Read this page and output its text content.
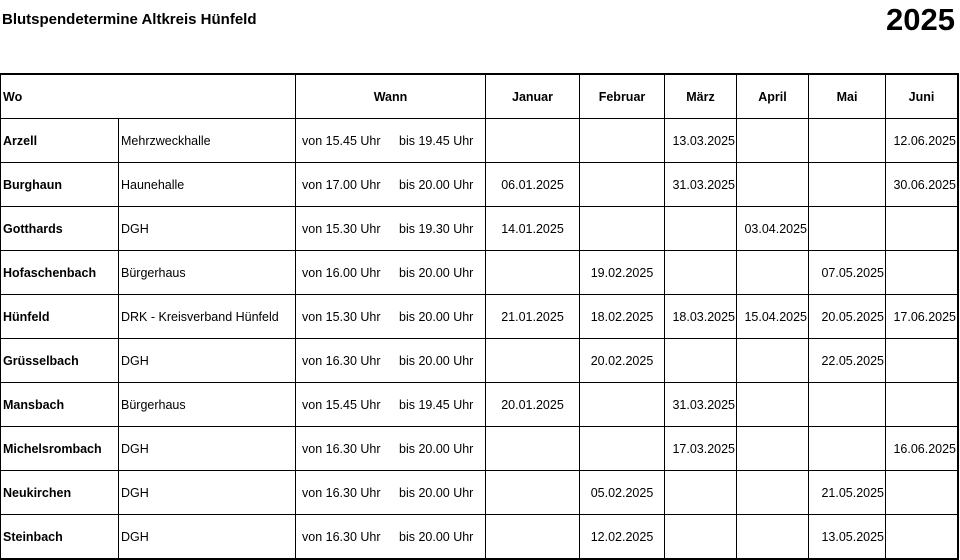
Blutspendetermine Altkreis Hünfeld	2025
Wo		Wann	Januar	Februar	März	April	Mai	Juni
Arzell	Mehrzweckhalle	von 15.45 Uhr bis 19.45 Uhr			13.03.2025			12.06.2025
Burghaun	Haunehalle	von 17.00 Uhr bis 20.00 Uhr	06.01.2025		31.03.2025			30.06.2025
Gotthards	DGH	von 15.30 Uhr bis 19.30 Uhr	14.01.2025			03.04.2025		
Hofaschenbach	Bürgerhaus	von 16.00 Uhr bis 20.00 Uhr		19.02.2025			07.05.2025	
Hünfeld	DRK - Kreisverband Hünfeld	von 15.30 Uhr bis 20.00 Uhr	21.01.2025	18.02.2025	18.03.2025	15.04.2025	20.05.2025	17.06.2025
Grüsselbach	DGH	von 16.30 Uhr bis 20.00 Uhr		20.02.2025			22.05.2025	
Mansbach	Bürgerhaus	von 15.45 Uhr bis 19.45 Uhr	20.01.2025		31.03.2025			
Michelsrombach	DGH	von 16.30 Uhr bis 20.00 Uhr			17.03.2025			16.06.2025
Neukirchen	DGH	von 16.30 Uhr bis 20.00 Uhr		05.02.2025			21.05.2025	
Steinbach	DGH	von 16.30 Uhr bis 20.00 Uhr		12.02.2025			13.05.2025	
